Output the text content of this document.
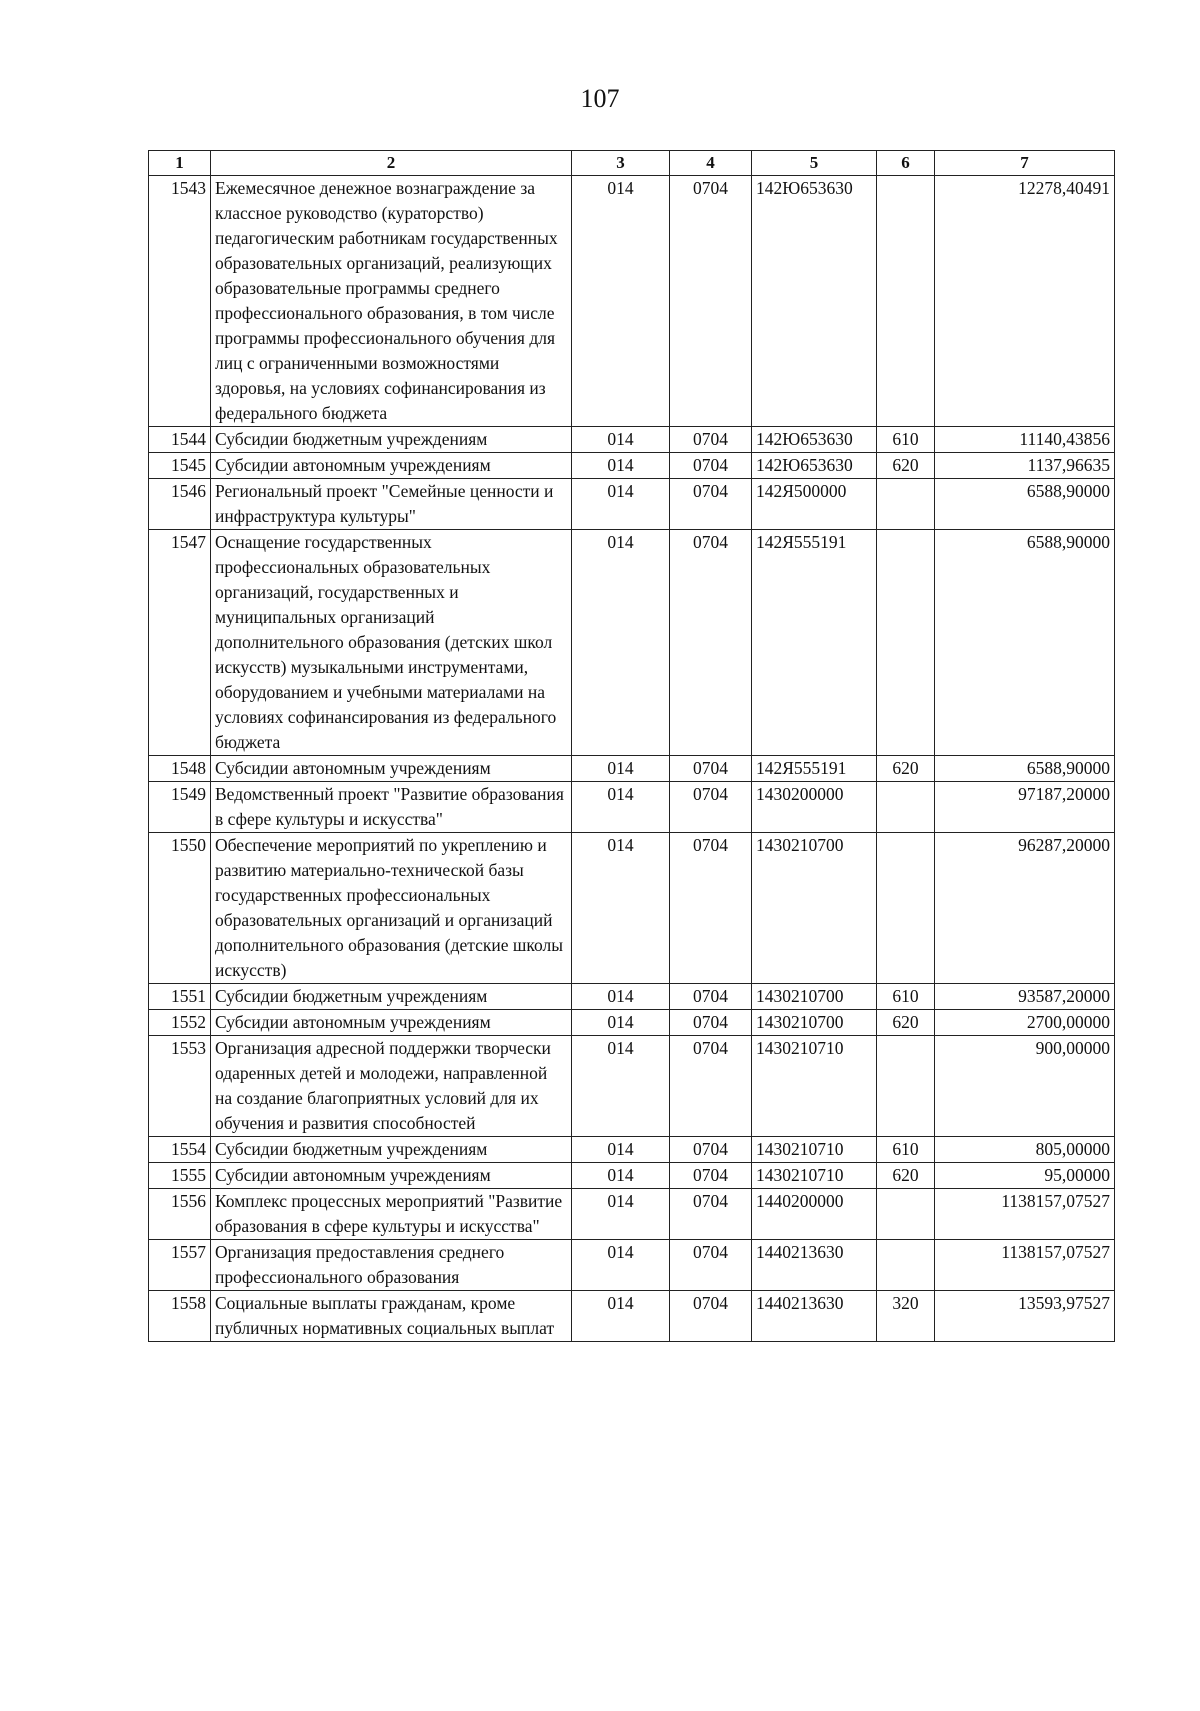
107
1	2	3	4	5	6	7
1543	Ежемесячное денежное вознаграждение за классное руководство (кураторство) педагогическим работникам государственных образовательных организаций, реализующих образовательные программы среднего профессионального образования, в том числе программы профессионального обучения для лиц с ограниченными возможностями здоровья, на условиях софинансирования из федерального бюджета	014	0704	142Ю653630		12278,40491
1544	Субсидии бюджетным учреждениям	014	0704	142Ю653630	610	11140,43856
1545	Субсидии автономным учреждениям	014	0704	142Ю653630	620	1137,96635
1546	Региональный проект "Семейные ценности и инфраструктура культуры"	014	0704	142Я500000		6588,90000
1547	Оснащение государственных профессиональных образовательных организаций, государственных и муниципальных организаций дополнительного образования (детских школ искусств) музыкальными инструментами, оборудованием и учебными материалами на условиях софинансирования из федерального бюджета	014	0704	142Я555191		6588,90000
1548	Субсидии автономным учреждениям	014	0704	142Я555191	620	6588,90000
1549	Ведомственный проект "Развитие образования в сфере культуры и искусства"	014	0704	1430200000		97187,20000
1550	Обеспечение мероприятий по укреплению и развитию материально-технической базы государственных профессиональных образовательных организаций и организаций дополнительного образования (детские школы искусств)	014	0704	1430210700		96287,20000
1551	Субсидии бюджетным учреждениям	014	0704	1430210700	610	93587,20000
1552	Субсидии автономным учреждениям	014	0704	1430210700	620	2700,00000
1553	Организация адресной поддержки творчески одаренных детей и молодежи, направленной на создание благоприятных условий для их обучения и развития способностей	014	0704	1430210710		900,00000
1554	Субсидии бюджетным учреждениям	014	0704	1430210710	610	805,00000
1555	Субсидии автономным учреждениям	014	0704	1430210710	620	95,00000
1556	Комплекс процессных мероприятий "Развитие образования в сфере культуры и искусства"	014	0704	1440200000		1138157,07527
1557	Организация предоставления среднего профессионального образования	014	0704	1440213630		1138157,07527
1558	Социальные выплаты гражданам, кроме публичных нормативных социальных выплат	014	0704	1440213630	320	13593,97527
